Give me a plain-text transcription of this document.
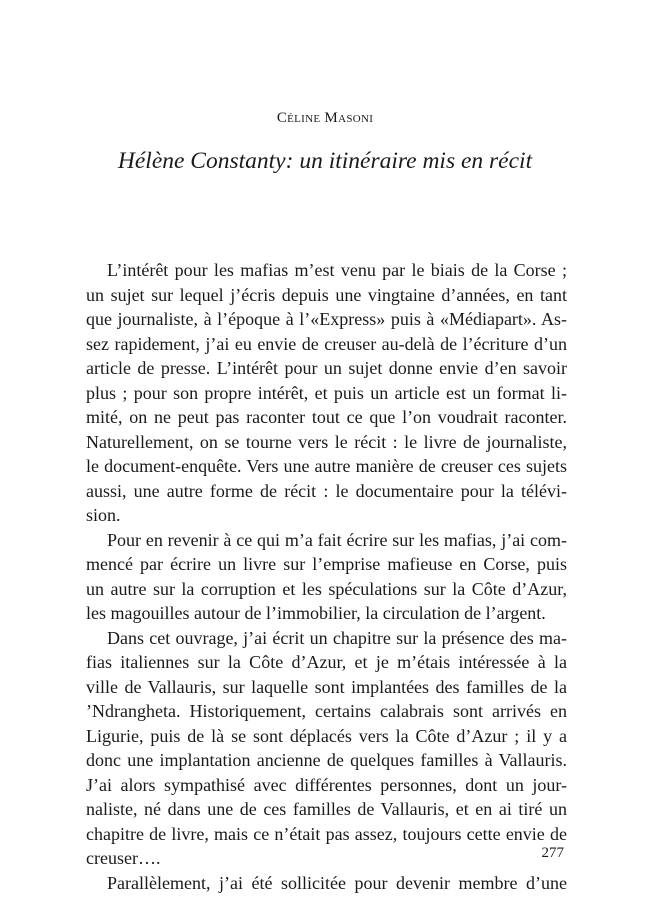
Céline Masoni

Hélène Constanty: un itinéraire mis en récit
L’intérêt pour les mafias m’est venu par le biais de la Corse ;
un sujet sur lequel j’écris depuis une vingtaine d’années, en tant
que journaliste, à l’époque à l’«Express» puis à «Médiapart». As-
sez rapidement, j’ai eu envie de creuser au-delà de l’écriture d’un
article de presse. L’intérêt pour un sujet donne envie d’en savoir
plus ; pour son propre intérêt, et puis un article est un format li-
mité, on ne peut pas raconter tout ce que l’on voudrait raconter.
Naturellement, on se tourne vers le récit : le livre de journaliste,
le document-enquête. Vers une autre manière de creuser ces sujets
aussi, une autre forme de récit : le documentaire pour la télévi-
sion.
Pour en revenir à ce qui m’a fait écrire sur les mafias, j’ai com-
mencé par écrire un livre sur l’emprise mafieuse en Corse, puis
un autre sur la corruption et les spéculations sur la Côte d’Azur,
les magouilles autour de l’immobilier, la circulation de l’argent.
Dans cet ouvrage, j’ai écrit un chapitre sur la présence des ma-
fias italiennes sur la Côte d’Azur, et je m’étais intéressée à la
ville de Vallauris, sur laquelle sont implantées des familles de la
’Ndrangheta. Historiquement, certains calabrais sont arrivés en
Ligurie, puis de là se sont déplacés vers la Côte d’Azur ; il y a
donc une implantation ancienne de quelques familles à Vallauris.
J’ai alors sympathisé avec différentes personnes, dont un jour-
naliste, né dans une de ces familles de Vallauris, et en ai tiré un
chapitre de livre, mais ce n’était pas assez, toujours cette envie de
creuser….
Parallèlement, j’ai été sollicitée pour devenir membre d’une

277
